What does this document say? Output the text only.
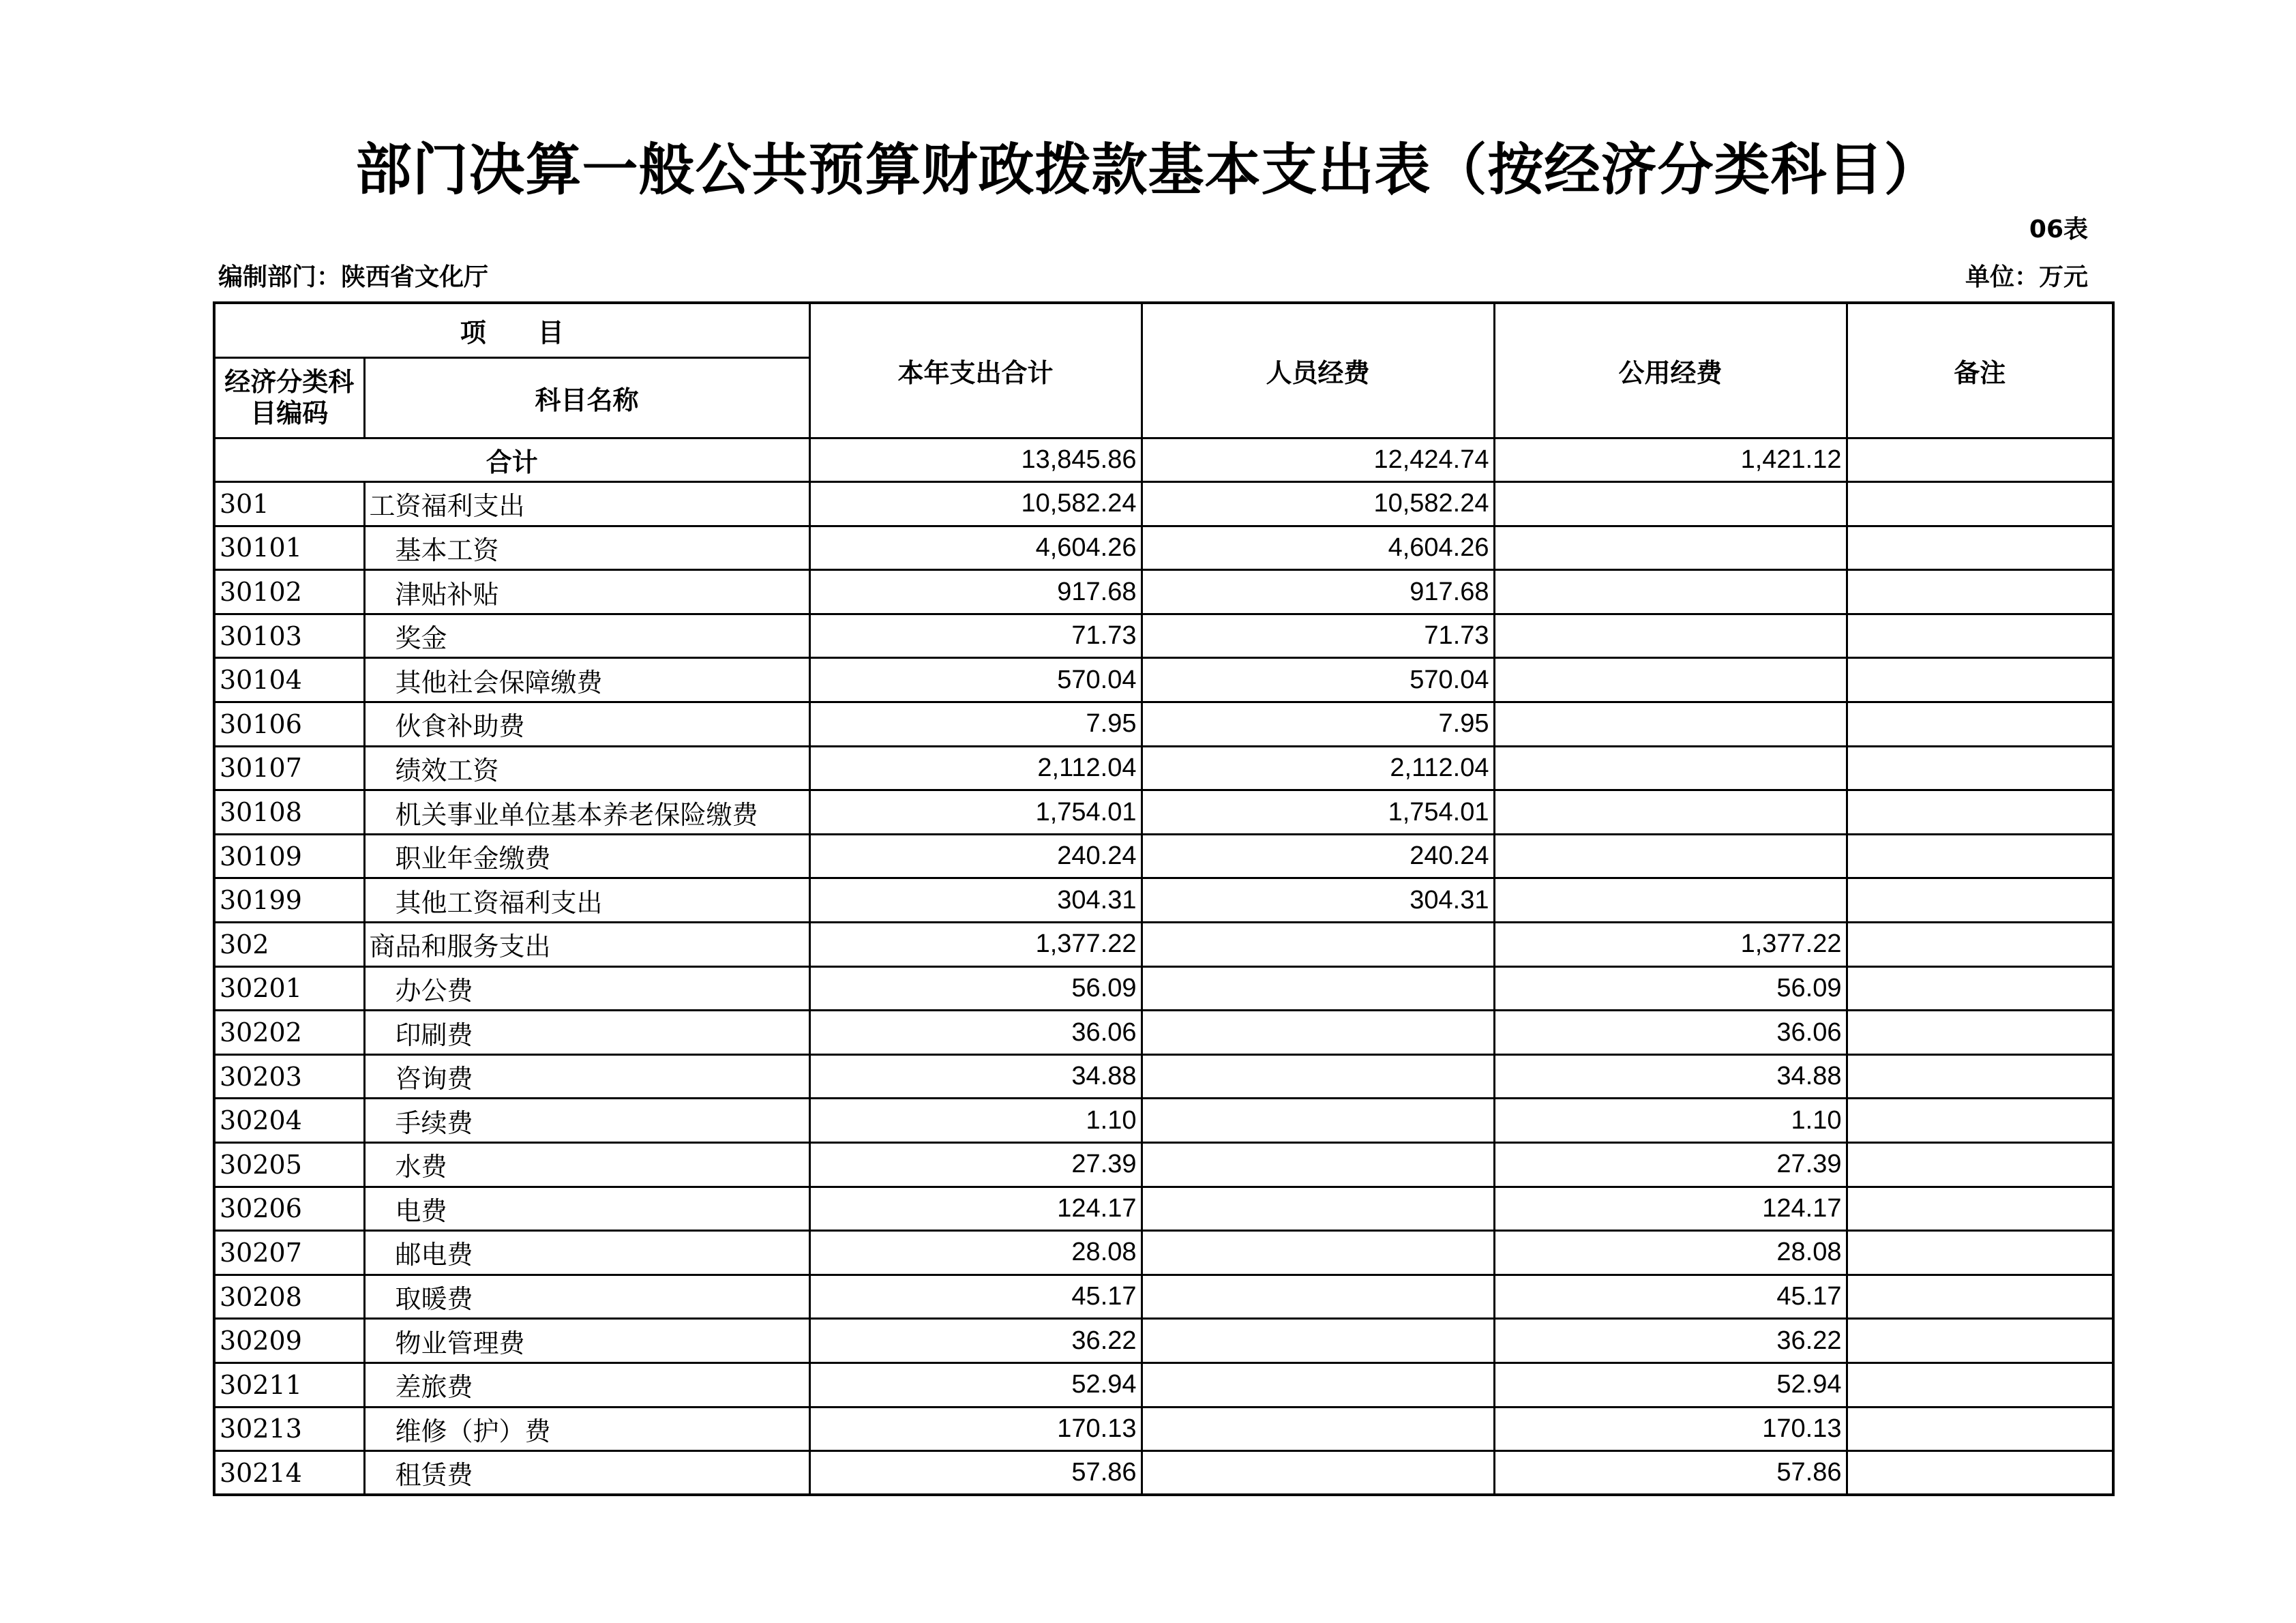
部门决算一般公共预算财政拨款基本支出表（按经济分类科目）
06表
编制部门：陕西省文化厅	单位：万元
项　　目		本年支出合计	人员经费	公用经费	备注
经济分类科目编码	科目名称				
合计		13,845.86	12,424.74	1,421.12	
301	工资福利支出	10,582.24	10,582.24		
30101	基本工资	4,604.26	4,604.26		
30102	津贴补贴	917.68	917.68		
30103	奖金	71.73	71.73		
30104	其他社会保障缴费	570.04	570.04		
30106	伙食补助费	7.95	7.95		
30107	绩效工资	2,112.04	2,112.04		
30108	机关事业单位基本养老保险缴费	1,754.01	1,754.01		
30109	职业年金缴费	240.24	240.24		
30199	其他工资福利支出	304.31	304.31		
302	商品和服务支出	1,377.22		1,377.22	
30201	办公费	56.09		56.09	
30202	印刷费	36.06		36.06	
30203	咨询费	34.88		34.88	
30204	手续费	1.10		1.10	
30205	水费	27.39		27.39	
30206	电费	124.17		124.17	
30207	邮电费	28.08		28.08	
30208	取暖费	45.17		45.17	
30209	物业管理费	36.22		36.22	
30211	差旅费	52.94		52.94	
30213	维修（护）费	170.13		170.13	
30214	租赁费	57.86		57.86	
